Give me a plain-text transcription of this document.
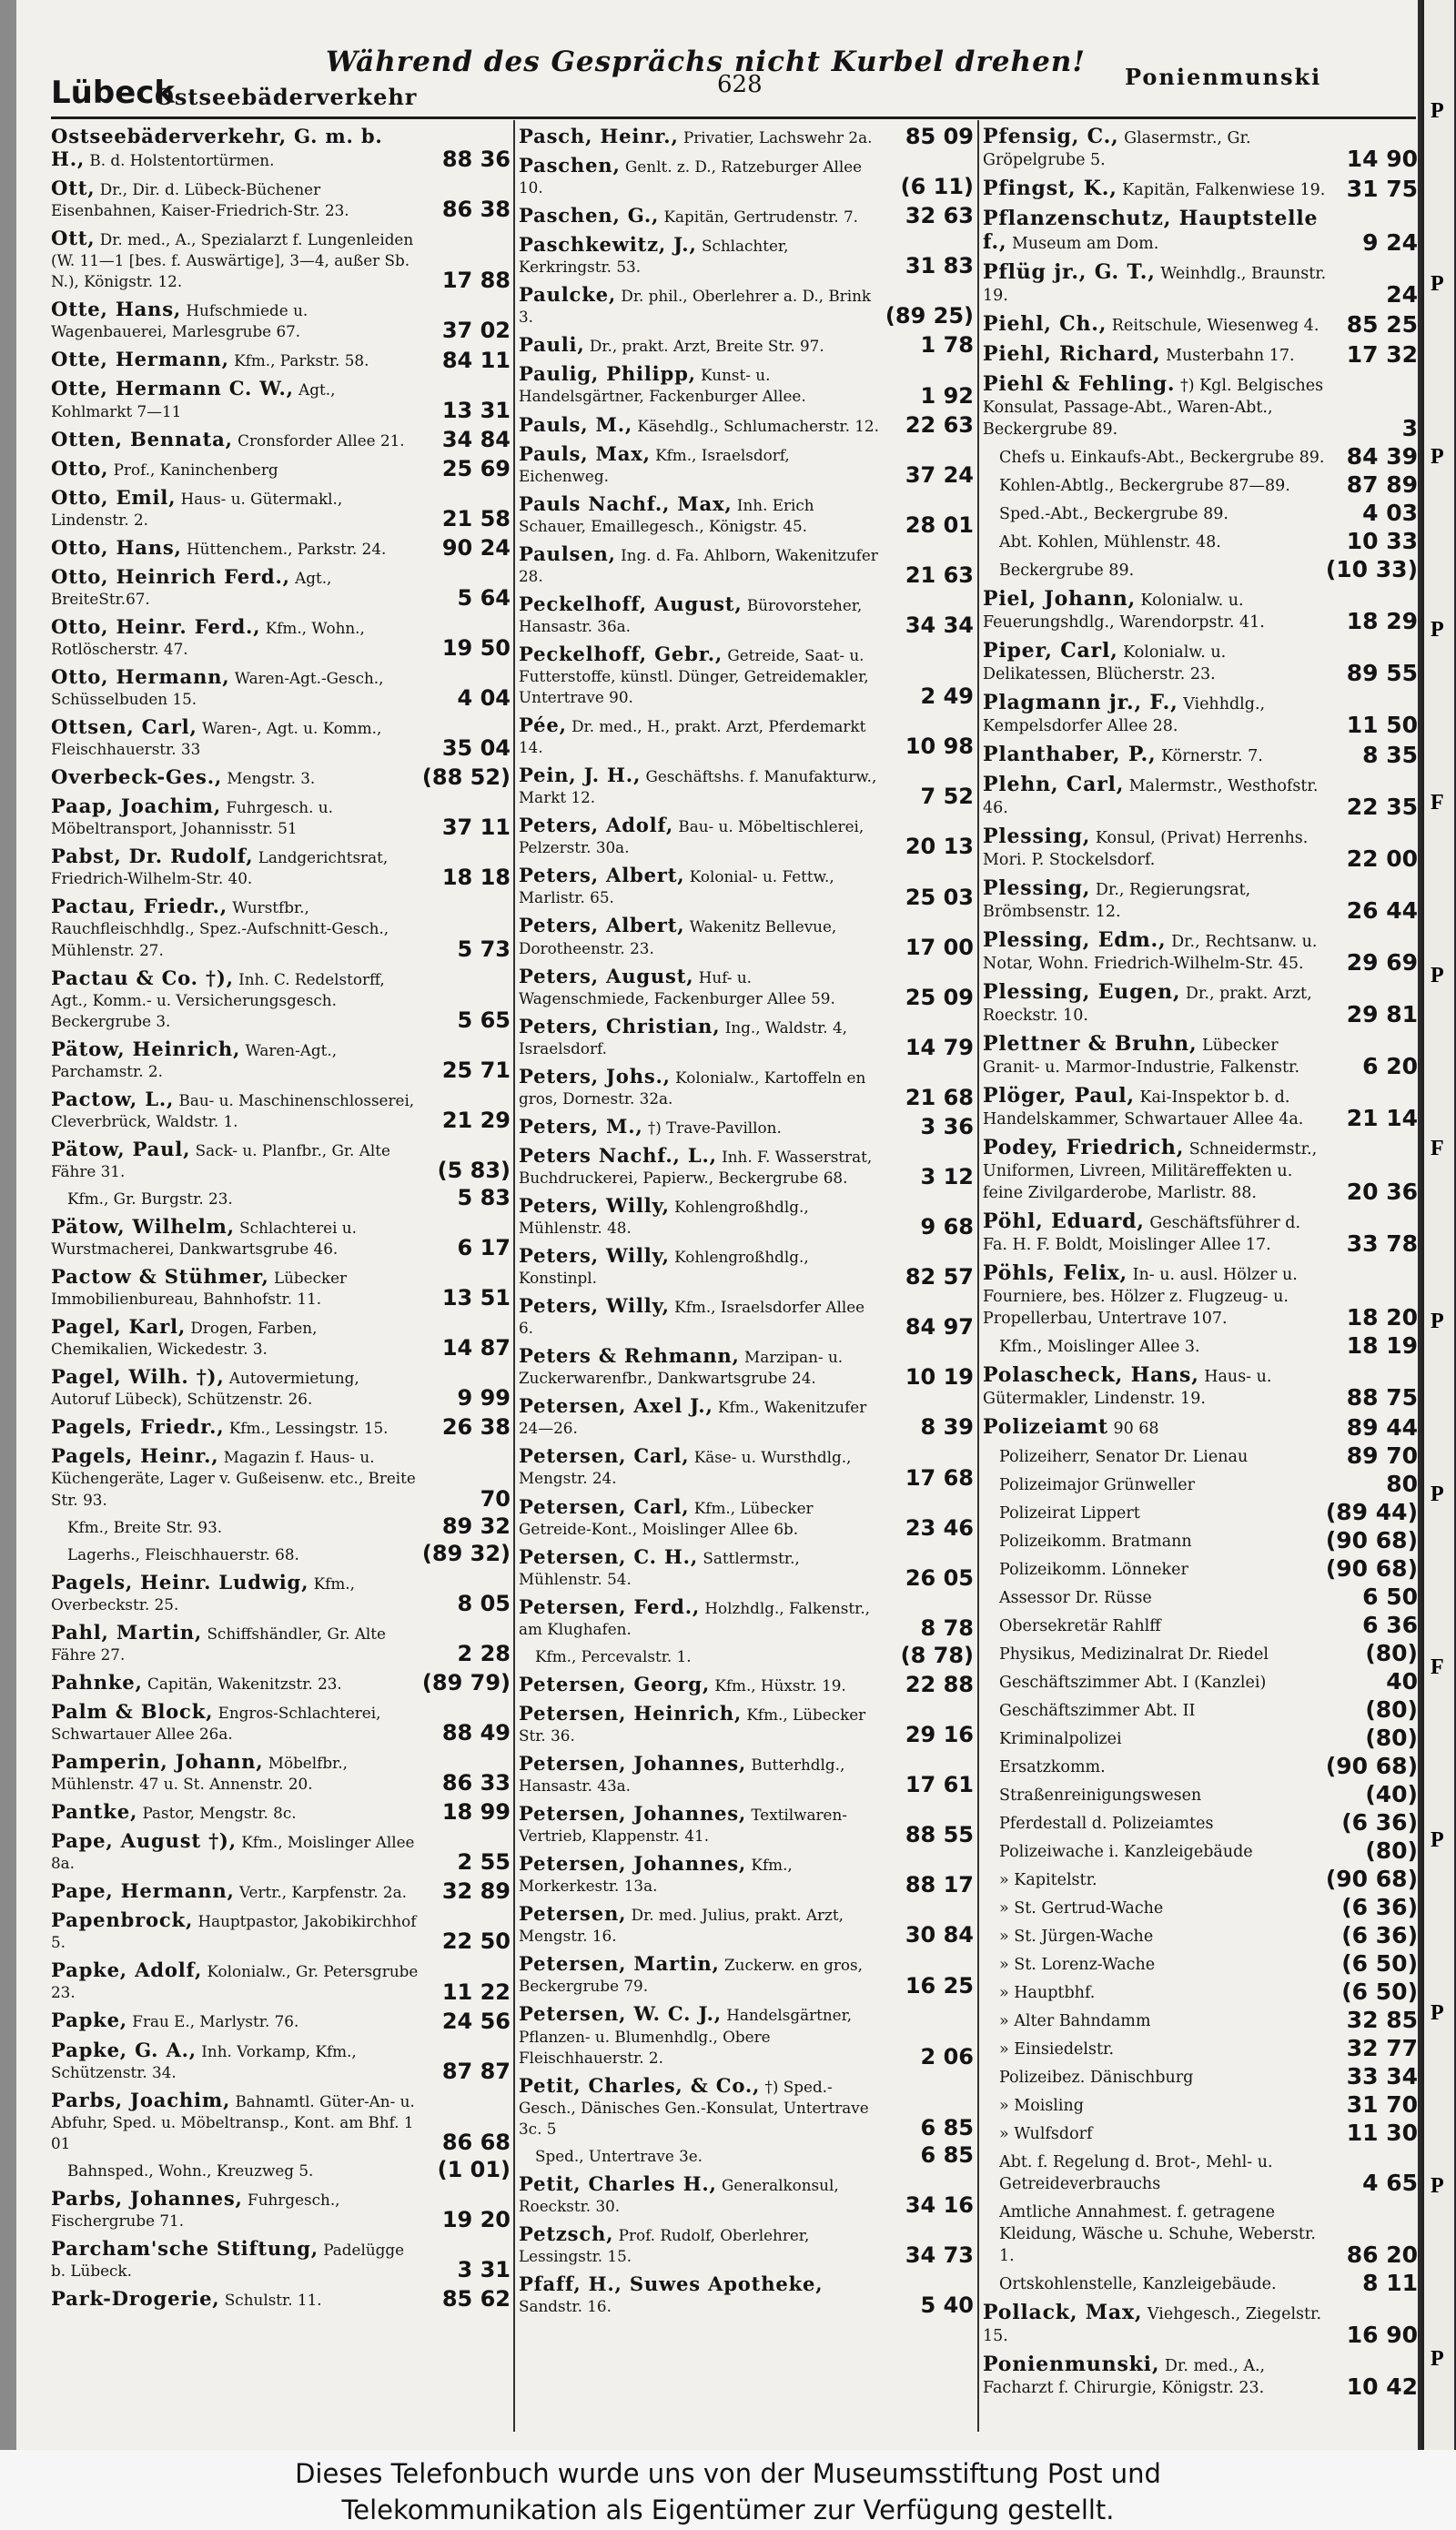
Während des Gesprächs nicht Kurbel drehen!
Lübeck
Ostseebäderverkehr	628	Ponienmunski
Ostseebäderverkehr, G. m. b. H., B. d. Holstentortürmen.	88 36
Ott, Dr., Dir. d. Lübeck-Büchener Eisenbahnen, Kaiser-Friedrich-Str. 23.	86 38
Ott, Dr. med., A., Spezialarzt f. Lungenleiden (W. 11—1 [bes. f. Auswärtige], 3—4, außer Sb. N.), Königstr. 12.	17 88
Otte, Hans, Hufschmiede u. Wagenbauerei, Marlesgrube 67.	37 02
Otte, Hermann, Kfm., Parkstr. 58.	84 11
Otte, Hermann C. W., Agt., Kohlmarkt 7—11	13 31
Otten, Bennata, Cronsforder Allee 21.	34 84
Otto, Prof., Kaninchenberg	25 69
Otto, Emil, Haus- u. Gütermakl., Lindenstr. 2.	21 58
Otto, Hans, Hüttenchem., Parkstr. 24.	90 24
Otto, Heinrich Ferd., Agt., BreiteStr.67.	5 64
Otto, Heinr. Ferd., Kfm., Wohn., Rotlöscherstr. 47.	19 50
Otto, Hermann, Waren-Agt.-Gesch., Schüsselbuden 15.	4 04
Ottsen, Carl, Waren-, Agt. u. Komm., Fleischhauerstr. 33	35 04
Overbeck-Ges., Mengstr. 3.	(88 52)
Paap, Joachim, Fuhrgesch. u. Möbeltransport, Johannisstr. 51	37 11
Pabst, Dr. Rudolf, Landgerichtsrat, Friedrich-Wilhelm-Str. 40.	18 18
Pactau, Friedr., Wurstfbr., Rauchfleischhdlg., Spez.-Aufschnitt-Gesch., Mühlenstr. 27.	5 73
Pactau & Co. †), Inh. C. Redelstorff, Agt., Komm.- u. Versicherungsgesch. Beckergrube 3.	5 65
Pätow, Heinrich, Waren-Agt., Parchamstr. 2.	25 71
Pactow, L., Bau- u. Maschinenschlosserei, Cleverbrück, Waldstr. 1.	21 29
Pätow, Paul, Sack- u. Planfbr., Gr. Alte Fähre 31.	(5 83)
Kfm., Gr. Burgstr. 23.	5 83
Pätow, Wilhelm, Schlachterei u. Wurstmacherei, Dankwartsgrube 46.	6 17
Pactow & Stühmer, Lübecker Immobilienbureau, Bahnhofstr. 11.	13 51
Pagel, Karl, Drogen, Farben, Chemikalien, Wickedestr. 3.	14 87
Pagel, Wilh. †), Autovermietung, Autoruf Lübeck), Schützenstr. 26.	9 99
Pagels, Friedr., Kfm., Lessingstr. 15.	26 38
Pagels, Heinr., Magazin f. Haus- u. Küchengeräte, Lager v. Gußeisenw. etc., Breite Str. 93.	70
Kfm., Breite Str. 93.	89 32
Lagerhs., Fleischhauerstr. 68.	(89 32)
Pagels, Heinr. Ludwig, Kfm., Overbeckstr. 25.	8 05
Pahl, Martin, Schiffshändler, Gr. Alte Fähre 27.	2 28
Pahnke, Capitän, Wakenitzstr. 23.	(89 79)
Palm & Block, Engros-Schlachterei, Schwartauer Allee 26a.	88 49
Pamperin, Johann, Möbelfbr., Mühlenstr. 47 u. St. Annenstr. 20.	86 33
Pantke, Pastor, Mengstr. 8c.	18 99
Pape, August †), Kfm., Moislinger Allee 8a.	2 55
Pape, Hermann, Vertr., Karpfenstr. 2a.	32 89
Papenbrock, Hauptpastor, Jakobikirchhof 5.	22 50
Papke, Adolf, Kolonialw., Gr. Petersgrube 23.	11 22
Papke, Frau E., Marlystr. 76.	24 56
Papke, G. A., Inh. Vorkamp, Kfm., Schützenstr. 34.	87 87
Parbs, Joachim, Bahnamtl. Güter-An- u. Abfuhr, Sped. u. Möbeltransp., Kont. am Bhf. 1 01	86 68
Bahnsped., Wohn., Kreuzweg 5.	(1 01)
Parbs, Johannes, Fuhrgesch., Fischergrube 71.	19 20
Parcham'sche Stiftung, Padelügge b. Lübeck.	3 31
Park-Drogerie, Schulstr. 11.	85 62
Pasch, Heinr., Privatier, Lachswehr 2a.	85 09
Paschen, Genlt. z. D., Ratzeburger Allee 10.	(6 11)
Paschen, G., Kapitän, Gertrudenstr. 7.	32 63
Paschkewitz, J., Schlachter, Kerkringstr. 53.	31 83
Paulcke, Dr. phil., Oberlehrer a. D., Brink 3.	(89 25)
Pauli, Dr., prakt. Arzt, Breite Str. 97.	1 78
Paulig, Philipp, Kunst- u. Handelsgärtner, Fackenburger Allee.	1 92
Pauls, M., Käsehdlg., Schlumacherstr. 12.	22 63
Pauls, Max, Kfm., Israelsdorf, Eichenweg.	37 24
Pauls Nachf., Max, Inh. Erich Schauer, Emaillegesch., Königstr. 45.	28 01
Paulsen, Ing. d. Fa. Ahlborn, Wakenitzufer 28.	21 63
Peckelhoff, August, Bürovorsteher, Hansastr. 36a.	34 34
Peckelhoff, Gebr., Getreide, Saat- u. Futterstoffe, künstl. Dünger, Getreidemakler, Untertrave 90.	2 49
Pée, Dr. med., H., prakt. Arzt, Pferdemarkt 14.	10 98
Pein, J. H., Geschäftshs. f. Manufakturw., Markt 12.	7 52
Peters, Adolf, Bau- u. Möbeltischlerei, Pelzerstr. 30a.	20 13
Peters, Albert, Kolonial- u. Fettw., Marlistr. 65.	25 03
Peters, Albert, Wakenitz Bellevue, Dorotheenstr. 23.	17 00
Peters, August, Huf- u. Wagenschmiede, Fackenburger Allee 59.	25 09
Peters, Christian, Ing., Waldstr. 4, Israelsdorf.	14 79
Peters, Johs., Kolonialw., Kartoffeln en gros, Dornestr. 32a.	21 68
Peters, M., †) Trave-Pavillon.	3 36
Peters Nachf., L., Inh. F. Wasserstrat, Buchdruckerei, Papierw., Beckergrube 68.	3 12
Peters, Willy, Kohlengroßhdlg., Mühlenstr. 48.	9 68
Peters, Willy, Kohlengroßhdlg., Konstinpl.	82 57
Peters, Willy, Kfm., Israelsdorfer Allee 6.	84 97
Peters & Rehmann, Marzipan- u. Zuckerwarenfbr., Dankwartsgrube 24.	10 19
Petersen, Axel J., Kfm., Wakenitzufer 24—26.	8 39
Petersen, Carl, Käse- u. Wursthdlg., Mengstr. 24.	17 68
Petersen, Carl, Kfm., Lübecker Getreide-Kont., Moislinger Allee 6b.	23 46
Petersen, C. H., Sattlermstr., Mühlenstr. 54.	26 05
Petersen, Ferd., Holzhdlg., Falkenstr., am Klughafen.	8 78
Kfm., Percevalstr. 1.	(8 78)
Petersen, Georg, Kfm., Hüxstr. 19.	22 88
Petersen, Heinrich, Kfm., Lübecker Str. 36.	29 16
Petersen, Johannes, Butterhdlg., Hansastr. 43a.	17 61
Petersen, Johannes, Textilwaren-Vertrieb, Klappenstr. 41.	88 55
Petersen, Johannes, Kfm., Morkerkestr. 13a.	88 17
Petersen, Dr. med. Julius, prakt. Arzt, Mengstr. 16.	30 84
Petersen, Martin, Zuckerw. en gros, Beckergrube 79.	16 25
Petersen, W. C. J., Handelsgärtner, Pflanzen- u. Blumenhdlg., Obere Fleischhauerstr. 2.	2 06
Petit, Charles, & Co., †) Sped.-Gesch., Dänisches Gen.-Konsulat, Untertrave 3c. 5	6 85
Sped., Untertrave 3e.	6 85
Petit, Charles H., Generalkonsul, Roeckstr. 30.	34 16
Petzsch, Prof. Rudolf, Oberlehrer, Lessingstr. 15.	34 73
Pfaff, H., Suwes Apotheke, Sandstr. 16.	5 40
Pfensig, C., Glasermstr., Gr. Gröpelgrube 5.	14 90
Pfingst, K., Kapitän, Falkenwiese 19. 31 75
Pflanzenschutz, Hauptstelle f., Museum am Dom.	9 24
Pflüg jr., G. T., Weinhdlg., Braunstr. 19.	24
Piehl, Ch., Reitschule, Wiesenweg 4.	85 25
Piehl, Richard, Musterbahn 17.	17 32
Piehl & Fehling. †) Kgl. Belgisches Konsulat, Passage-Abt., Waren-Abt., Beckergrube 89.	3
Chefs u. Einkaufs-Abt., Beckergrube 89. 84 39
Kohlen-Abtlg., Beckergrube 87—89.	87 89
Sped.-Abt., Beckergrube 89.	4 03
Abt. Kohlen, Mühlenstr. 48.	10 33
Beckergrube 89.	(10 33)
Piel, Johann, Kolonialw. u. Feuerungshdlg., Warendorpstr. 41.	18 29
Piper, Carl, Kolonialw. u. Delikatessen, Blücherstr. 23.	89 55
Plagmann jr., F., Viehhdlg., Kempelsdorfer Allee 28.	11 50
Planthaber, P., Körnerstr. 7.	8 35
Plehn, Carl, Malermstr., Westhofstr. 46.	22 35
Plessing, Konsul, (Privat) Herrenhs. Mori. P. Stockelsdorf.	22 00
Plessing, Dr., Regierungsrat, Brömbsenstr. 12.	26 44
Plessing, Edm., Dr., Rechtsanw. u. Notar, Wohn. Friedrich-Wilhelm-Str. 45.	29 69
Plessing, Eugen, Dr., prakt. Arzt, Roeckstr. 10.	29 81
Plettner & Bruhn, Lübecker Granit- u. Marmor-Industrie, Falkenstr.	6 20
Plöger, Paul, Kai-Inspektor b. d. Handelskammer, Schwartauer Allee 4a.	21 14
Podey, Friedrich, Schneidermstr., Uniformen, Livreen, Militäreffekten u. feine Zivilgarderobe, Marlistr. 88.	20 36
Pöhl, Eduard, Geschäftsführer d. Fa. H. F. Boldt, Moislinger Allee 17.	33 78
Pöhls, Felix, In- u. ausl. Hölzer u. Fourniere, bes. Hölzer z. Flugzeug- u. Propellerbau, Untertrave 107.	18 20
Kfm., Moislinger Allee 3.	18 19
Polascheck, Hans, Haus- u. Gütermakler, Lindenstr. 19.	88 75
Polizeiamt 90 68	89 44
Polizeiherr, Senator Dr. Lienau	89 70
Polizeimajor Grünweller	80
Polizeirat Lippert	(89 44)
Polizeikomm. Bratmann	(90 68)
Polizeikomm. Lönneker	(90 68)
Assessor Dr. Rüsse	6 50
Obersekretär Rahlff	6 36
Physikus, Medizinalrat Dr. Riedel	(80)
Geschäftszimmer Abt. I (Kanzlei)	40
Geschäftszimmer Abt. II	(80)
Kriminalpolizei	(80)
Ersatzkomm.	(90 68)
Straßenreinigungswesen	(40)
Pferdestall d. Polizeiamtes	(6 36)
Polizeiwache i. Kanzleigebäude	(80)
» Kapitelstr.	(90 68)
» St. Gertrud-Wache	(6 36)
» St. Jürgen-Wache	(6 36)
» St. Lorenz-Wache	(6 50)
» Hauptbhf.	(6 50)
» Alter Bahndamm	32 85
» Einsiedelstr.	32 77
Polizeibez. Dänischburg	33 34
» Moisling	31 70
» Wulfsdorf	11 30
Abt. f. Regelung d. Brot-, Mehl- u. Getreideverbrauchs	4 65
Amtliche Annahmest. f. getragene Kleidung, Wäsche u. Schuhe, Weberstr. 1.	86 20
Ortskohlenstelle, Kanzleigebäude.	8 11
Pollack, Max, Viehgesch., Ziegelstr. 15.	16 90
Ponienmunski, Dr. med., A., Facharzt f. Chirurgie, Königstr. 23.	10 42
P
P
P
P
F
P
F
P
P
F
P
P
P
P
Dieses Telefonbuch wurde uns von der Museumsstiftung Post und
Telekommunikation als Eigentümer zur Verfügung gestellt.
